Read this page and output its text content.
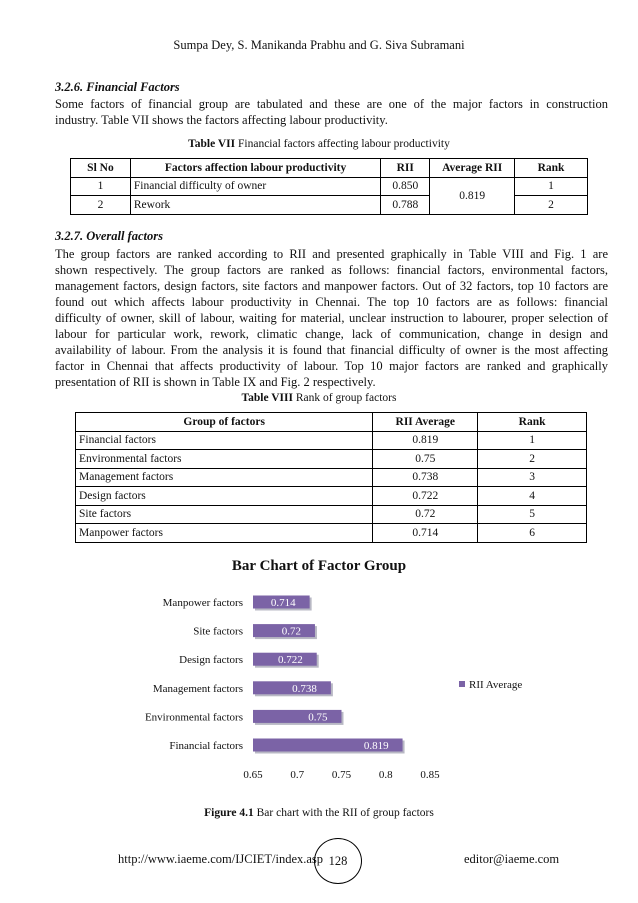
Sumpa Dey, S. Manikanda Prabhu and G. Siva Subramani
3.2.6. Financial Factors
Some factors of financial group are tabulated and these are one of the major factors in construction
industry. Table VII shows the factors affecting labour productivity.
Table VII Financial factors affecting labour productivity
Sl No	Factors affection labour productivity	RII	Average RII	Rank
1	Financial difficulty of owner	0.850	0.819	1
2	Rework	0.788		2
3.2.7. Overall factors
The group factors are ranked according to RII and presented graphically in Table VIII and Fig. 1 are
shown respectively. The group factors are ranked as follows: financial factors, environmental factors,
management factors, design factors, site factors and manpower factors. Out of 32 factors, top 10 factors are
found out which affects labour productivity in Chennai. The top 10 factors are as follows: financial
difficulty of owner, skill of labour, waiting for material, unclear instruction to labourer, proper selection of
labour for particular work, rework, climatic change, lack of communication, change in design and
availability of labour. From the analysis it is found that financial difficulty of owner is the most affecting
factor in Chennai that affects productivity of labour. Top 10 major factors are ranked and graphically
presentation of RII is shown in Table IX and Fig. 2 respectively.
Table VIII Rank of group factors
Group of factors	RII Average	Rank
Financial factors	0.819	1
Environmental factors	0.75	2
Management factors	0.738	3
Design factors	0.722	4
Site factors	0.72	5
Manpower factors	0.714	6
Bar Chart of Factor Group
Financial factors	0.819
Environmental factors	0.75
Management factors	0.738
Design factors	0.722
Site factors	0.72
Manpower factors	0.714
0.65	0.7	0.75	0.8	0.85
RII Average
Figure 4.1 Bar chart with the RII of group factors
http://www.iaeme.com/IJCIET/index.asp 128	editor@iaeme.com
